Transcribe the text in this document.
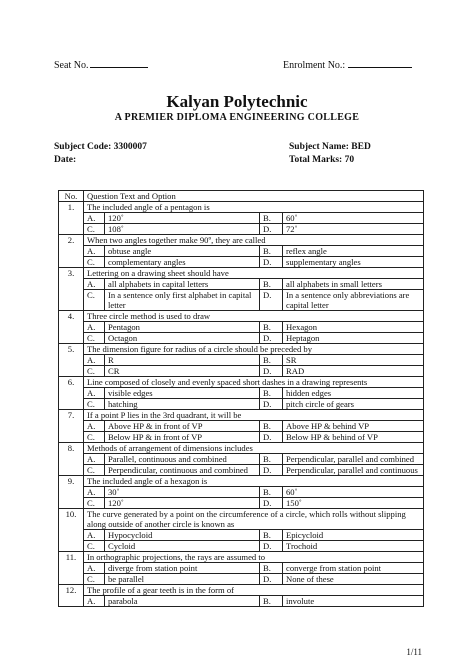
Seat No.	Enrolment No.:
Kalyan Polytechnic
A PREMIER DIPLOMA ENGINEERING COLLEGE
Subject Code: 3300007	Subject Name: BED
Date:	Total Marks: 70
No.	Question Text and Option			
1.	The included angle of a pentagon is			
	A.	120˚	B.	60˚
	C.	108˚	D.	72˚
2.	When two angles together make 90º, they are called			
	A.	obtuse angle	B.	reflex angle
	C.	complementary angles	D.	supplementary angles
3.	Lettering on a drawing sheet should have			
	A.	all alphabets in capital letters	B.	all alphabets in small letters
	C.	In a sentence only first alphabet in capital letter	D.	In a sentence only abbreviations are capital letter
4.	Three circle method is used to draw			
	A.	Pentagon	B.	Hexagon
	C.	Octagon	D.	Heptagon
5.	The dimension figure for radius of a circle should be preceded by			
	A.	R	B.	SR
	C.	CR	D.	RAD
6.	Line composed of closely and evenly spaced short dashes in a drawing represents			
	A.	visible edges	B.	hidden edges
	C.	hatching	D.	pitch circle of gears
7.	If a point P lies in the 3rd quadrant, it will be			
	A.	Above HP & in front of VP	B.	Above HP & behind VP
	C.	Below HP & in front of VP	D.	Below HP & behind of VP
8.	Methods of arrangement of dimensions includes			
	A.	Parallel, continuous and combined	B.	Perpendicular, parallel and combined
	C.	Perpendicular, continuous and combined	D.	Perpendicular, parallel and continuous
9.	The included angle of a hexagon is			
	A.	30˚	B.	60˚
	C.	120˚	D.	150˚
10.	The curve generated by a point on the circumference of a circle, which rolls without slipping along outside of another circle is known as			
	A.	Hypocycloid	B.	Epicycloid
	C.	Cycloid	D.	Trochoid
11.	In orthographic projections, the rays are assumed to			
	A.	diverge from station point	B.	converge from station point
	C.	be parallel	D.	None of these
12.	The profile of a gear teeth is in the form of			
	A.	parabola	B.	involute
1/11
